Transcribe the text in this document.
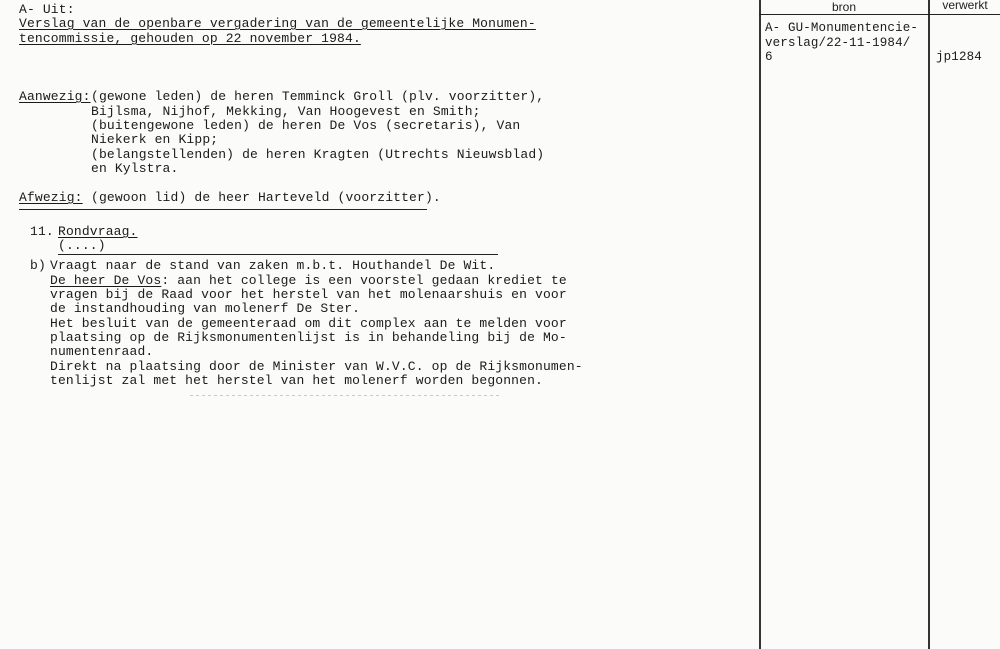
A- Uit:
Verslag van de openbare vergadering van de gemeentelijke Monumen-
tencommissie, gehouden op 22 november 1984.
Aanwezig: (gewone leden) de heren Temminck Groll (plv. voorzitter),
Bijlsma, Nijhof, Mekking, Van Hoogevest en Smith;
(buitengewone leden) de heren De Vos (secretaris), Van
Niekerk en Kipp;
(belangstellenden) de heren Kragten (Utrechts Nieuwsblad)
en Kylstra.
Afwezig: (gewoon lid) de heer Harteveld (voorzitter).
11. Rondvraag.
(....)
b) Vraagt naar de stand van zaken m.b.t. Houthandel De Wit.
De heer De Vos: aan het college is een voorstel gedaan krediet te
vragen bij de Raad voor het herstel van het molenaarshuis en voor
de instandhouding van molenerf De Ster.
Het besluit van de gemeenteraad om dit complex aan te melden voor
plaatsing op de Rijksmonumentenlijst is in behandeling bij de Mo-
numentenraad.
Direkt na plaatsing door de Minister van W.V.C. op de Rijksmonumen-
tenlijst zal met het herstel van het molenerf worden begonnen.
bron	verwerkt
A- GU-Monumentencie-
verslag/22-11-1984/
6	jp1284
